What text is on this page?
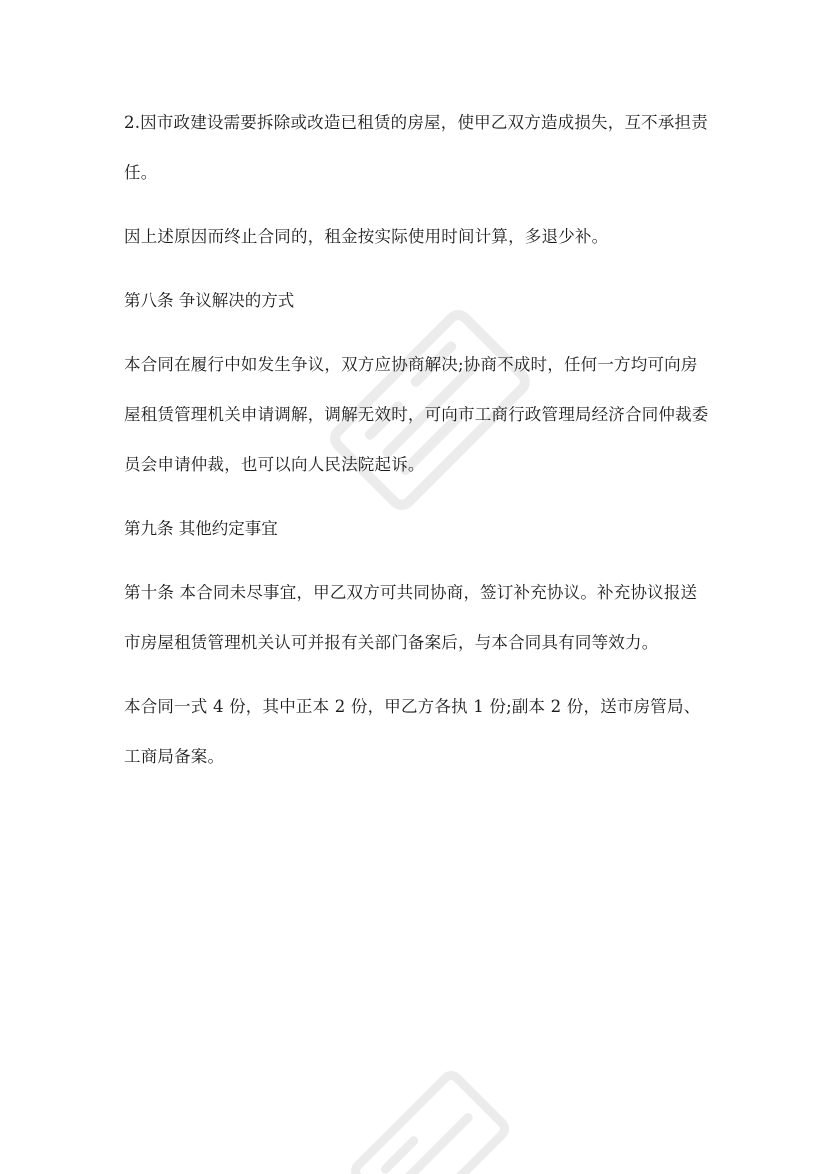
2.因市政建设需要拆除或改造已租赁的房屋，使甲乙双方造成损失，互不承担责任。

因上述原因而终止合同的，租金按实际使用时间计算，多退少补。

第八条 争议解决的方式

本合同在履行中如发生争议，双方应协商解决;协商不成时，任何一方均可向房屋租赁管理机关申请调解，调解无效时，可向市工商行政管理局经济合同仲裁委员会申请仲裁，也可以向人民法院起诉。

第九条 其他约定事宜

第十条 本合同未尽事宜，甲乙双方可共同协商，签订补充协议。补充协议报送市房屋租赁管理机关认可并报有关部门备案后，与本合同具有同等效力。

本合同一式 4 份，其中正本 2 份，甲乙方各执 1 份;副本 2 份，送市房管局、工商局备案。
